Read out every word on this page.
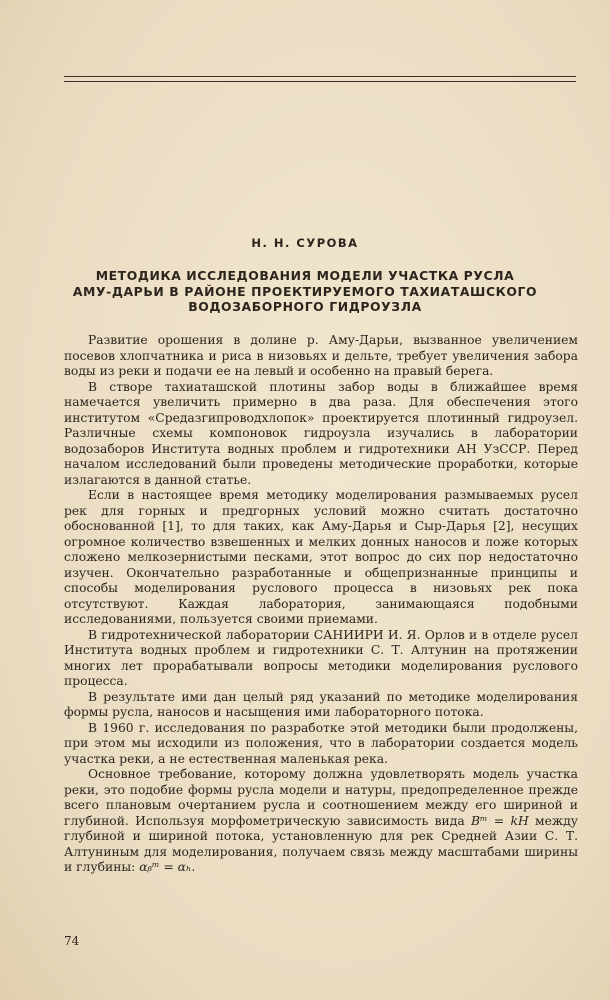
Н. Н. СУРОВА
МЕТОДИКА ИССЛЕДОВАНИЯ МОДЕЛИ УЧАСТКА РУСЛА
АМУ-ДАРЬИ В РАЙОНЕ ПРОЕКТИРУЕМОГО ТАХИАТАШСКОГО
ВОДОЗАБОРНОГО ГИДРОУЗЛА

Развитие орошения в долине р. Аму-Дарьи, вызванное увеличением посевов хлопчатника и риса в низовьях и дельте, требует увеличения забора воды из реки и подачи ее на левый и особенно на правый берега.

В створе тахиаташской плотины забор воды в ближайшее время намечается увеличить примерно в два раза. Для обеспечения этого институтом «Средазгипроводхлопок» проектируется плотинный гидроузел. Различные схемы компоновок гидроузла изучались в лаборатории водозаборов Института водных проблем и гидротехники АН УзССР. Перед началом исследований были проведены методические проработки, которые излагаются в данной статье.

Если в настоящее время методику моделирования размываемых русел рек для горных и предгорных условий можно считать достаточно обоснованной [1], то для таких, как Аму-Дарья и Сыр-Дарья [2], несущих огромное количество взвешенных и мелких донных наносов и ложе которых сложено мелкозернистыми песками, этот вопрос до сих пор недостаточно изучен. Окончательно разработанные и общепризнанные принципы и способы моделирования руслового процесса в низовьях рек пока отсутствуют. Каждая лаборатория, занимающаяся подобными исследованиями, пользуется своими приемами.

В гидротехнической лаборатории САНИИРИ И. Я. Орлов и в отделе русел Института водных проблем и гидротехники С. Т. Алтунин на протяжении многих лет прорабатывали вопросы методики моделирования руслового процесса.

В результате ими дан целый ряд указаний по методике моделирования формы русла, наносов и насыщения ими лабораторного потока.

В 1960 г. исследования по разработке этой методики были продолжены, при этом мы исходили из положения, что в лаборатории создается модель участка реки, а не естественная маленькая река.

Основное требование, которому должна удовлетворять модель участка реки, это подобие формы русла модели и натуры, предопределенное прежде всего плановым очертанием русла и соотношением между его шириной и глубиной. Используя морфометрическую зависимость вида Bᵐ = kH между глубиной и шириной потока, установленную для рек Средней Азии С. Т. Алтуниным для моделирования, получаем связь между масштабами ширины и глубины: αᵦᵐ = αₕ.

74
